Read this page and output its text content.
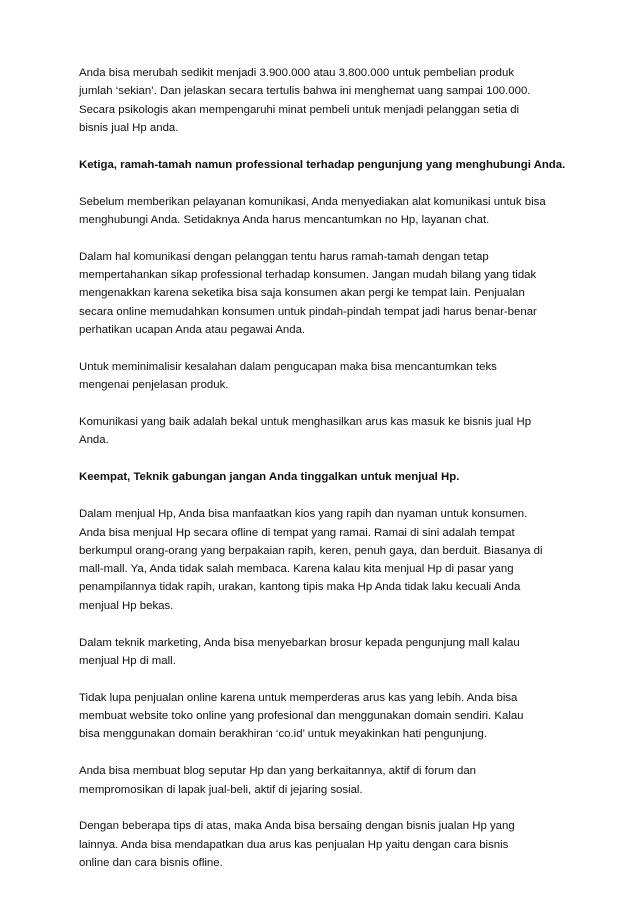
Anda bisa merubah sedikit menjadi 3.900.000 atau 3.800.000 untuk pembelian produk
jumlah ‘sekian’. Dan jelaskan secara tertulis bahwa ini menghemat uang sampai 100.000.
Secara psikologis akan mempengaruhi minat pembeli untuk menjadi pelanggan setia di
bisnis jual Hp anda.

Ketiga, ramah-tamah namun professional terhadap pengunjung yang menghubungi Anda.

Sebelum memberikan pelayanan komunikasi, Anda menyediakan alat komunikasi untuk bisa
menghubungi Anda. Setidaknya Anda harus mencantumkan no Hp, layanan chat.

Dalam hal komunikasi dengan pelanggan tentu harus ramah-tamah dengan tetap
mempertahankan sikap professional terhadap konsumen. Jangan mudah bilang yang tidak
mengenakkan karena seketika bisa saja konsumen akan pergi ke tempat lain. Penjualan
secara online memudahkan konsumen untuk pindah-pindah tempat jadi harus benar-benar
perhatikan ucapan Anda atau pegawai Anda.

Untuk meminimalisir kesalahan dalam pengucapan maka bisa mencantumkan teks
mengenai penjelasan produk.

Komunikasi yang baik adalah bekal untuk menghasilkan arus kas masuk ke bisnis jual Hp
Anda.

Keempat, Teknik gabungan jangan Anda tinggalkan untuk menjual Hp.

Dalam menjual Hp, Anda bisa manfaatkan kios yang rapih dan nyaman untuk konsumen.
Anda bisa menjual Hp secara ofline di tempat yang ramai. Ramai di sini adalah tempat
berkumpul orang-orang yang berpakaian rapih, keren, penuh gaya, dan berduit. Biasanya di
mall-mall. Ya, Anda tidak salah membaca. Karena kalau kita menjual Hp di pasar yang
penampilannya tidak rapih, urakan, kantong tipis maka Hp Anda tidak laku kecuali Anda
menjual Hp bekas.

Dalam teknik marketing, Anda bisa menyebarkan brosur kepada pengunjung mall kalau
menjual Hp di mall.

Tidak lupa penjualan online karena untuk memperderas arus kas yang lebih. Anda bisa
membuat website toko online yang profesional dan menggunakan domain sendiri. Kalau
bisa menggunakan domain berakhiran ‘co.id’ untuk meyakinkan hati pengunjung.

Anda bisa membuat blog seputar Hp dan yang berkaitannya, aktif di forum dan
mempromosikan di lapak jual-beli, aktif di jejaring sosial.

Dengan beberapa tips di atas, maka Anda bisa bersaing dengan bisnis jualan Hp yang
lainnya. Anda bisa mendapatkan dua arus kas penjualan Hp yaitu dengan cara bisnis
online dan cara bisnis ofline.
